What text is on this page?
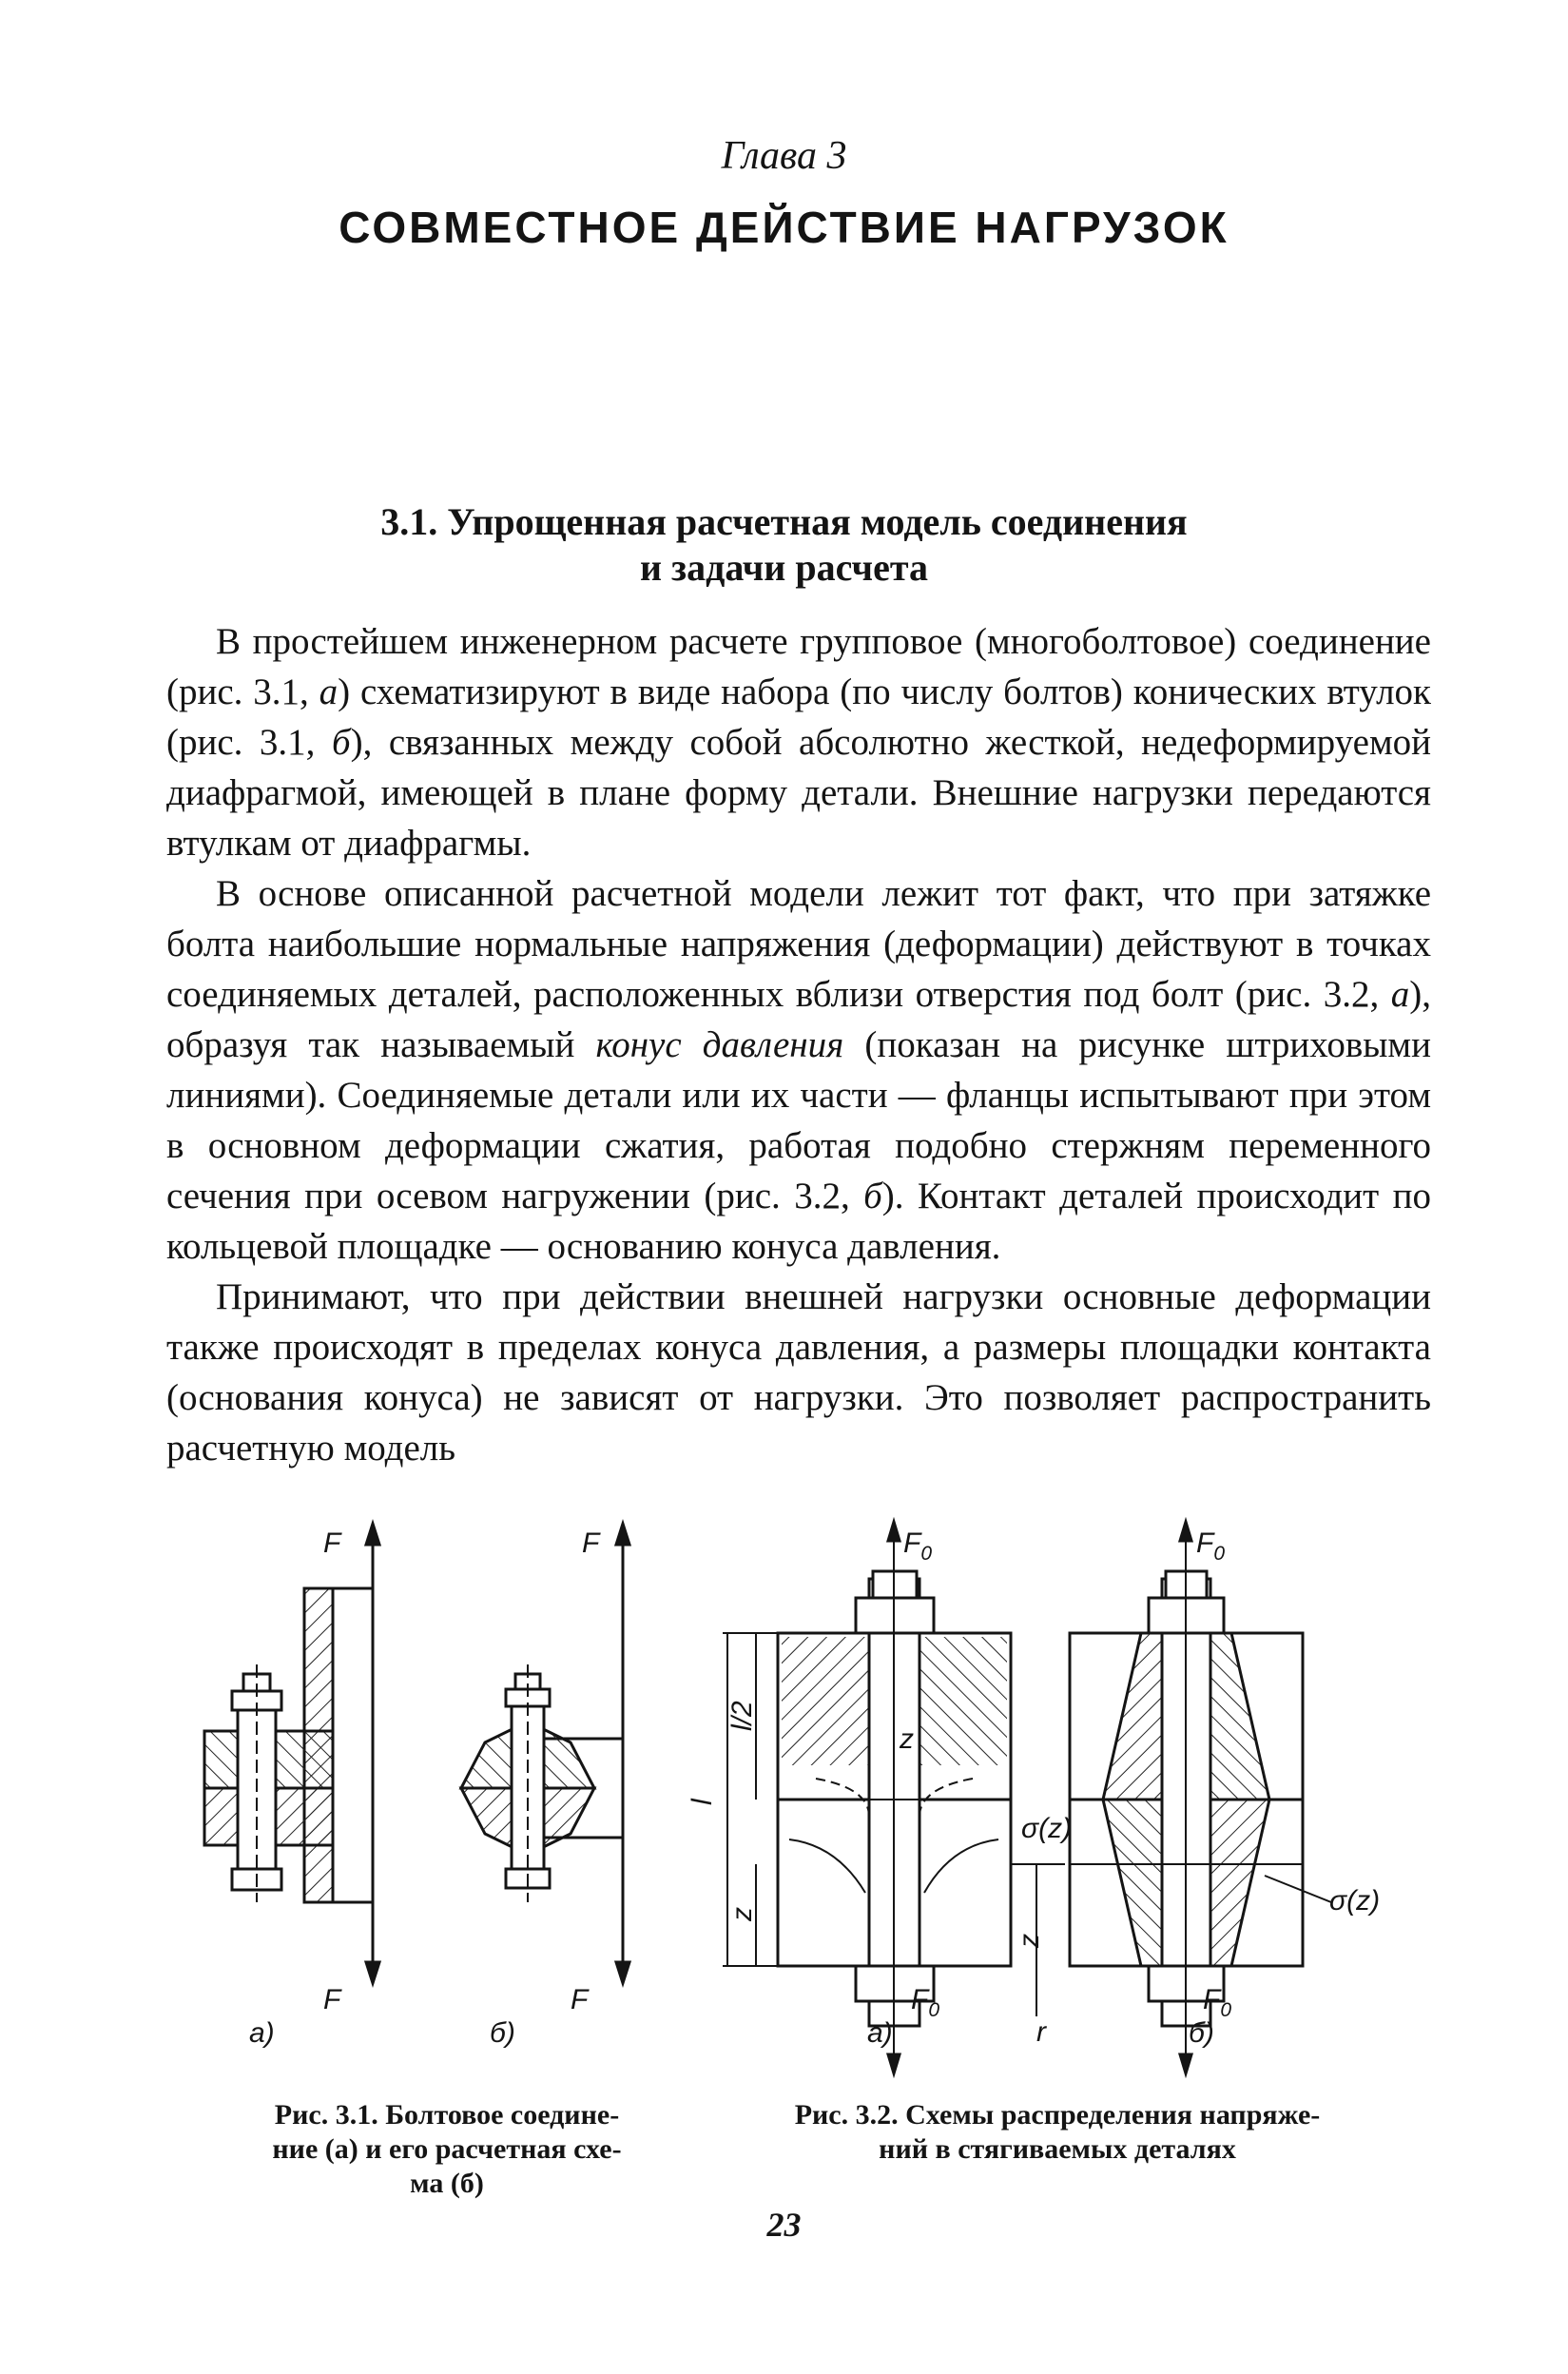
Глава 3
СОВМЕСТНОЕ ДЕЙСТВИЕ НАГРУЗОК
3.1. Упрощенная расчетная модель соединения
и задачи расчета

В простейшем инженерном расчете групповое (многоболтовое) соединение (рис. 3.1, а) схематизируют в виде набора (по числу болтов) конических втулок (рис. 3.1, б), связанных между собой абсолютно жесткой, недеформируемой диафрагмой, имеющей в плане форму детали. Внешние нагрузки передаются втулкам от диафрагмы.

В основе описанной расчетной модели лежит тот факт, что при затяжке болта наибольшие нормальные напряжения (деформации) действуют в точках соединяемых деталей, расположенных вблизи отверстия под болт (рис. 3.2, а), образуя так называемый конус давления (показан на рисунке штриховыми линиями). Соединяемые детали или их части — фланцы испытывают при этом в основном деформации сжатия, работая подобно стержням переменного сечения при осевом нагружении (рис. 3.2, б). Контакт деталей происходит по кольцевой площадке — основанию конуса давления.

Принимают, что при действии внешней нагрузки основные деформации также происходят в пределах конуса давления, а размеры площадки контакта (основания конуса) не зависят от нагрузки. Это позволяет распространить расчетную модель

F
F
F
F
а)	б)
$F_0$
$F_0$
$F_0$
$F_0$
l/2
l
z
z
z
r
σ(z)
σ(z)
а)	б)
Рис. 3.1. Болтовое соедине-
ние (а) и его расчетная схе-
ма (б)
Рис. 3.2. Схемы распределения напряже-
ний в стягиваемых деталях
23
